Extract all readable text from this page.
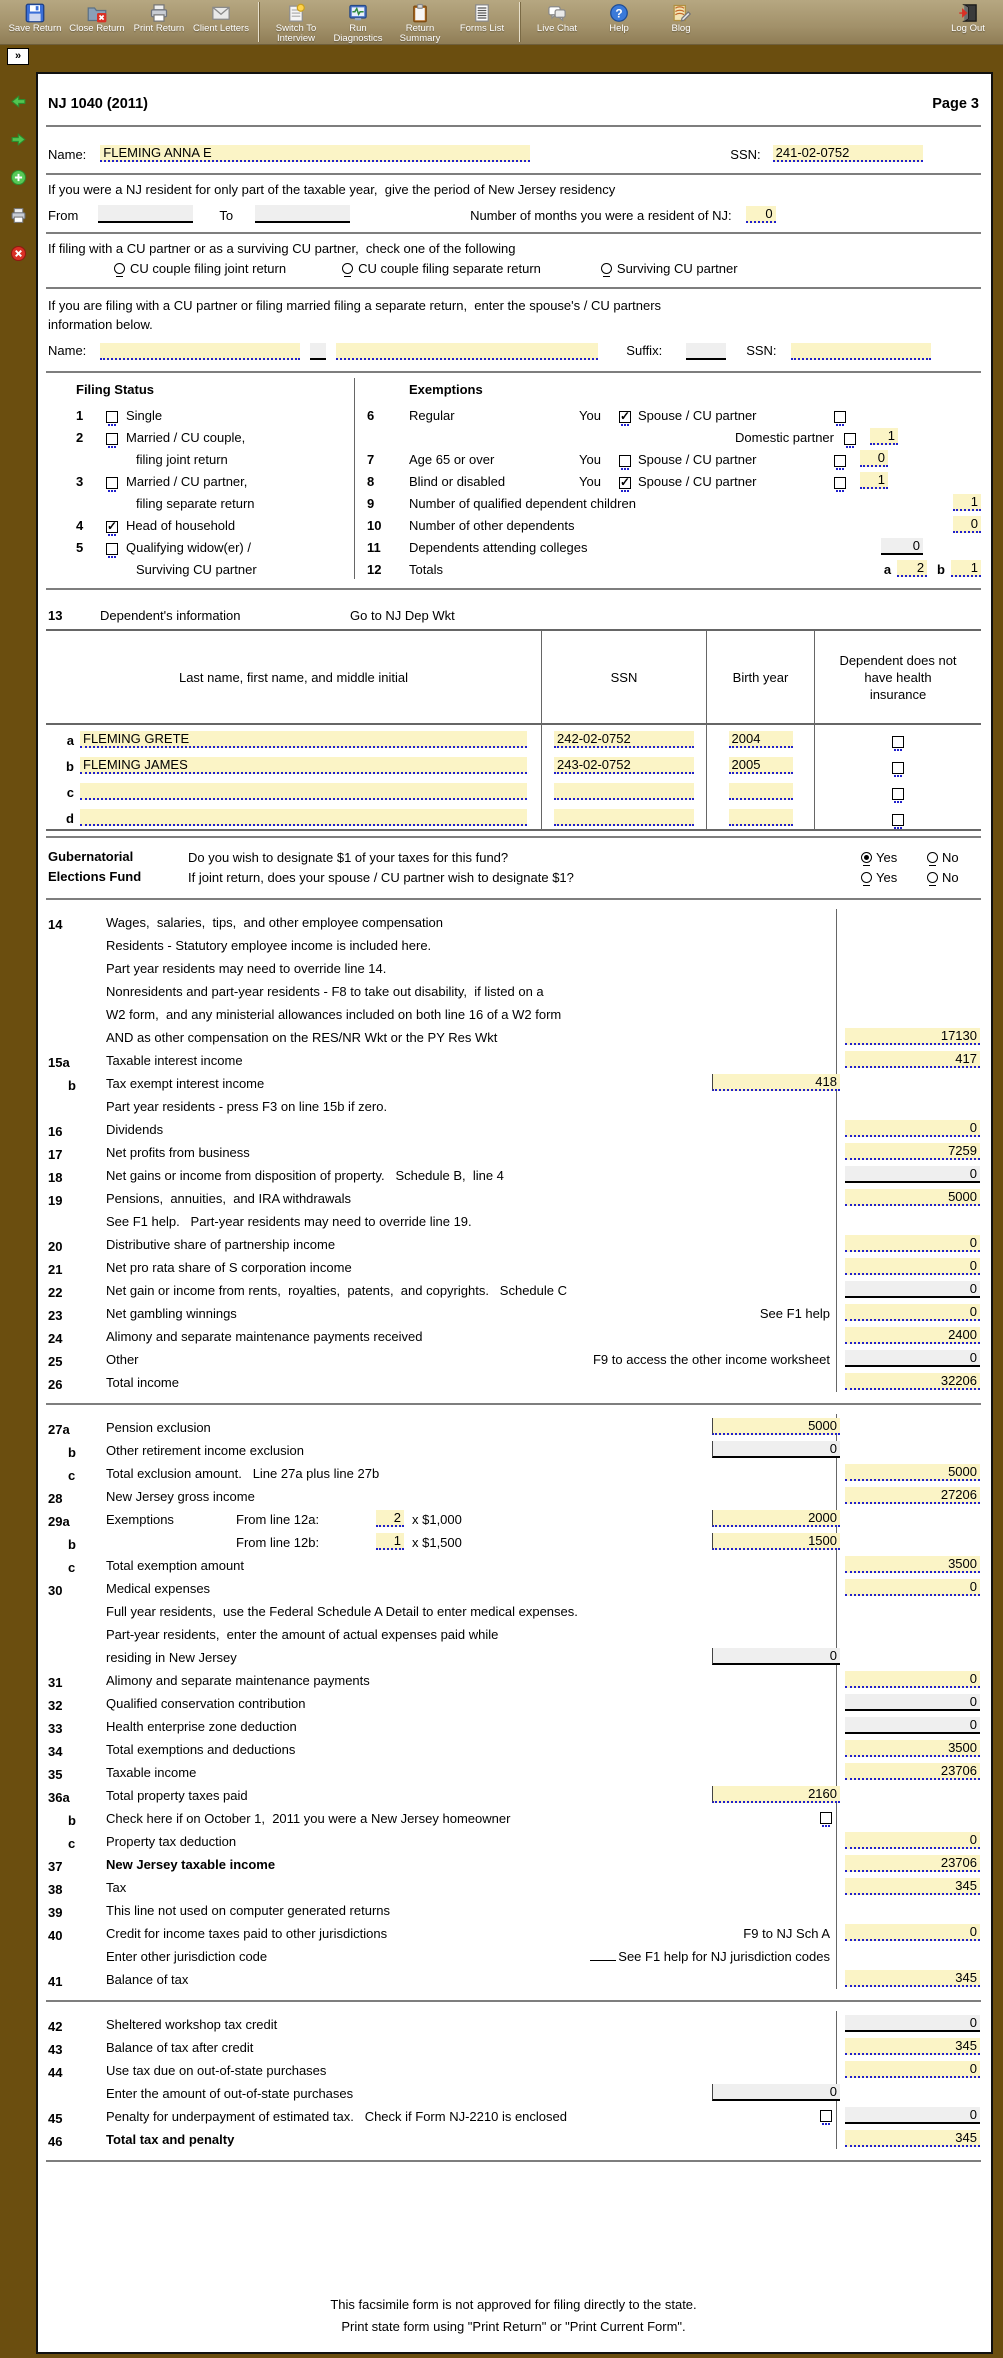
Save Return Close Return Print Return Client Letters	Switch To Interview
Run Diagnostics
Return Summary
Forms List	Live Chat
?
Help	Blog	Log Out
»
NJ 1040 (2011)	Page 3
Name: FLEMING ANNA E	SSN: 241-02-0752
If you were a NJ resident for only part of the taxable year,  give the period of New Jersey residency
From	To	Number of months you were a resident of NJ:	0
If filing with a CU partner or as a surviving CU partner,  check one of the following
CU couple filing joint return	CU couple filing separate return	Surviving CU partner
If you are filing with a CU partner or filing married filing a separate return,  enter the spouse's / CU partners
information below.
Name:	Suffix:	SSN:
Filing Status
1	Single
2	Married / CU couple,
filing joint return
3	Married / CU partner,
filing separate return
4 ✓	Head of household
5	Qualifying widow(er) /
Surviving CU partner
Exemptions
6	Regular	You ✓	Spouse / CU partner
Domestic partner	1
7	Age 65 or over	You	Spouse / CU partner	0
8	Blind or disabled	You ✓	Spouse / CU partner	1
9	Number of qualified dependent children	1
10	Number of other dependents	0
11	Dependents attending colleges	0
12	Totals	a	2 b	1
13	Dependent's information	Go to NJ Dep Wkt
Last name, first name, and middle initial	SSN	Birth year
Dependent does not have health insurance
a FLEMING GRETE	242-02-0752	2004
b FLEMING JAMES	243-02-0752	2005
c
d
Gubernatorial
Elections Fund
Do you wish to designate $1 of your taxes for this fund?	Yes	No
If joint return, does your spouse / CU partner wish to designate $1?	Yes	No
14	Wages,  salaries,  tips,  and other employee compensation
Residents - Statutory employee income is included here.
Part year residents may need to override line 14.
Nonresidents and part-year residents - F8 to take out disability,  if listed on a
W2 form,  and any ministerial allowances included on both line 16 of a W2 form
AND as other compensation on the RES/NR Wkt or the PY Res Wkt	17130
15a	Taxable interest income	417
b	Tax exempt interest income	418
Part year residents - press F3 on line 15b if zero.
16	Dividends	0
17	Net profits from business	7259
18	Net gains or income from disposition of property.   Schedule B,  line 4	0
19	Pensions,  annuities,  and IRA withdrawals	5000
See F1 help.   Part-year residents may need to override line 19.
20	Distributive share of partnership income	0
21	Net pro rata share of S corporation income	0
22	Net gain or income from rents,  royalties,  patents,  and copyrights.   Schedule C	0
23	Net gambling winnings	See F1 help	0
24	Alimony and separate maintenance payments received	2400
25	Other	F9 to access the other income worksheet	0
26	Total income	32206
27a	Pension exclusion	5000
b	Other retirement income exclusion	0
c	Total exclusion amount.   Line 27a plus line 27b	5000
28	New Jersey gross income	27206
29a	Exemptions	From line 12a:	2 x $1,000	2000
b	From line 12b:	1 x $1,500	1500
c	Total exemption amount	3500
30	Medical expenses	0
Full year residents,  use the Federal Schedule A Detail to enter medical expenses.
Part-year residents,  enter the amount of actual expenses paid while
residing in New Jersey	0
31	Alimony and separate maintenance payments	0
32	Qualified conservation contribution	0
33	Health enterprise zone deduction	0
34	Total exemptions and deductions	3500
35	Taxable income	23706
36a	Total property taxes paid	2160
b	Check here if on October 1,  2011 you were a New Jersey homeowner
c	Property tax deduction	0
37	New Jersey taxable income	23706
38	Tax	345
39	This line not used on computer generated returns
40	Credit for income taxes paid to other jurisdictions	F9 to NJ Sch A	0
Enter other jurisdiction code	See F1 help for NJ jurisdiction codes
41	Balance of tax	345
42	Sheltered workshop tax credit	0
43	Balance of tax after credit	345
44	Use tax due on out-of-state purchases	0
Enter the amount of out-of-state purchases	0
45	Penalty for underpayment of estimated tax.   Check if Form NJ-2210 is enclosed	0
46	Total tax and penalty	345
This facsimile form is not approved for filing directly to the state.
Print state form using "Print Return" or "Print Current Form".
